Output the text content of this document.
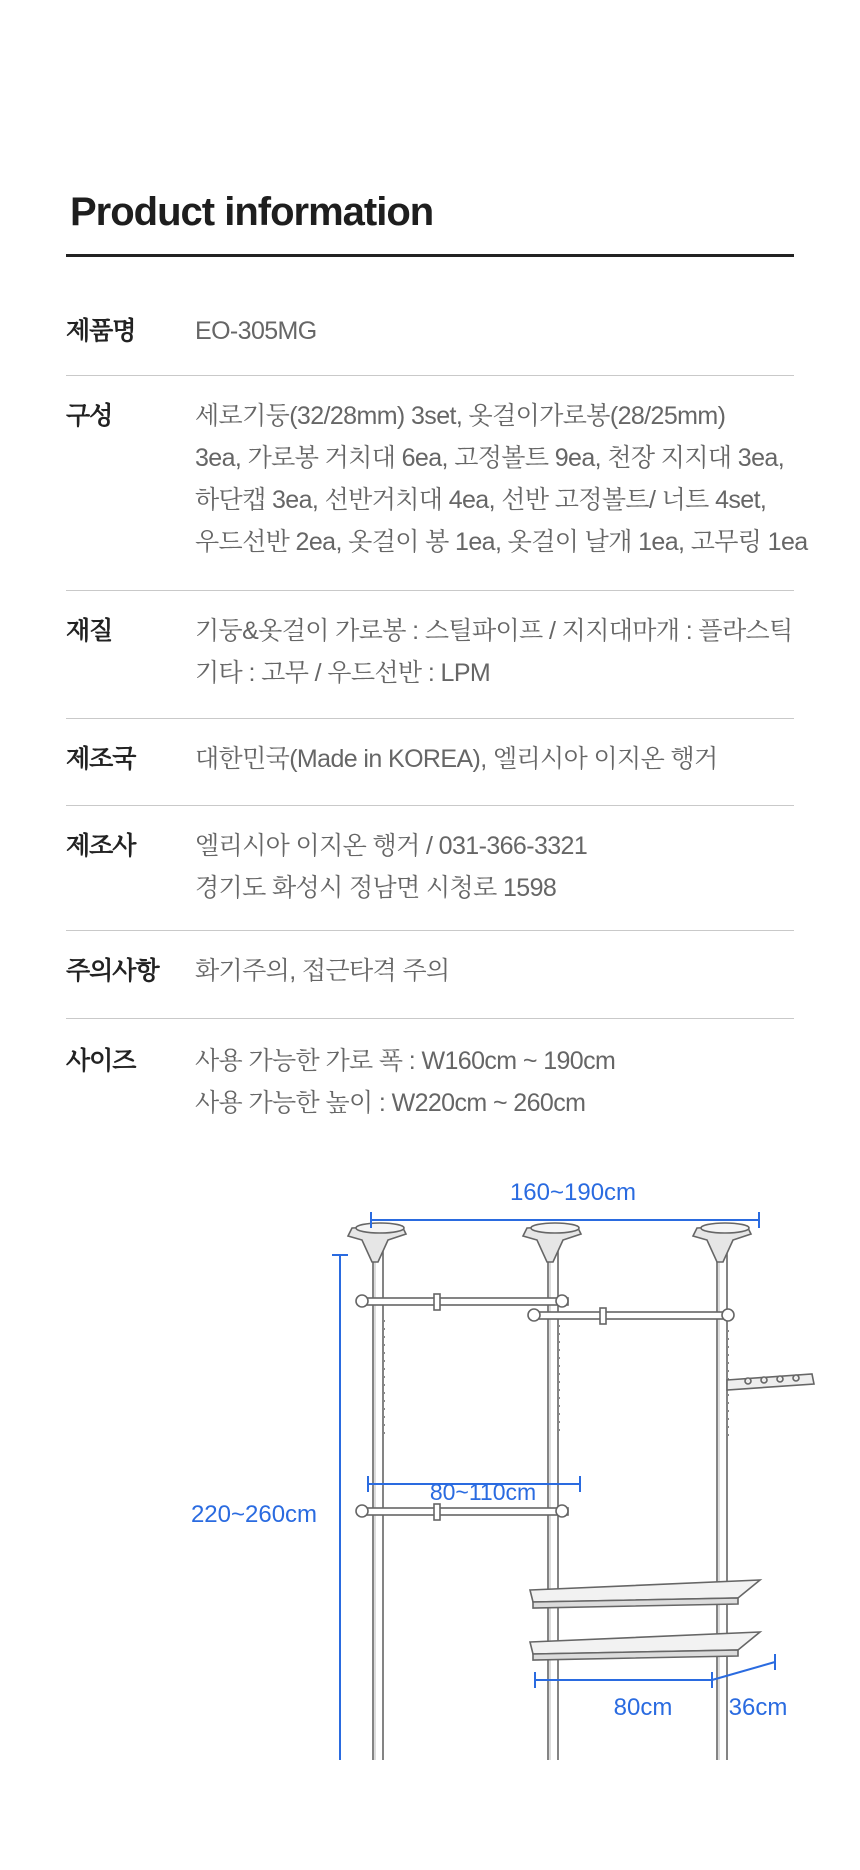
Product information
제품명	EO-305MG
구성	세로기둥(32/28mm) 3set, 옷걸이가로봉(28/25mm)
3ea, 가로봉 거치대 6ea, 고정볼트 9ea, 천장 지지대 3ea,
하단캡 3ea, 선반거치대 4ea, 선반 고정볼트/ 너트 4set,
우드선반 2ea, 옷걸이 봉 1ea, 옷걸이 날개 1ea, 고무링 1ea
재질	기둥&옷걸이 가로봉 : 스틸파이프 / 지지대마개 : 플라스틱
기타 : 고무 / 우드선반 : LPM
제조국	대한민국(Made in KOREA), 엘리시아 이지온 행거
제조사	엘리시아 이지온 행거 / 031-366-3321
경기도 화성시 정남면 시청로 1598
주의사항	화기주의, 접근타격 주의
사이즈	사용 가능한 가로 폭 : W160cm ~ 190cm
사용 가능한 높이 : W220cm ~ 260cm
160~190cm
220~260cm
80~110cm
80cm 36cm
